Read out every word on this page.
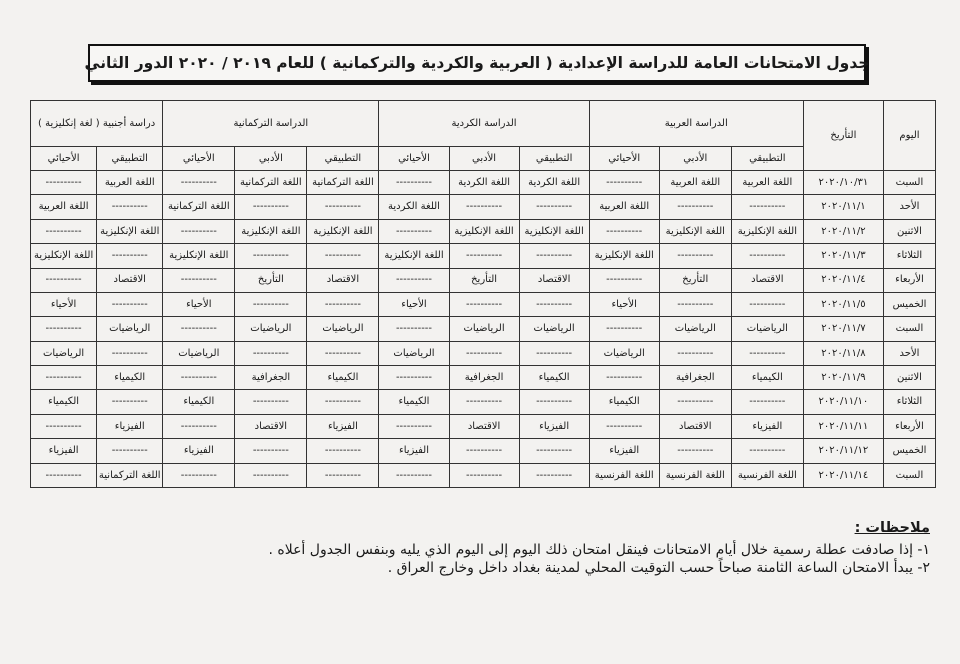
جدول الامتحانات العامة للدراسة الإعدادية ( العربية والكردية والتركمانية ) للعام ٢٠١٩ / ٢٠٢٠ الدور الثاني
اليوم	التأريخ	الدراسة العربية			الدراسة الكردية			الدراسة التركمانية			دراسة أجنبية ( لغة إنكليزية )	
		التطبيقي	الأدبي	الأحيائي	التطبيقي	الأدبي	الأحيائي	التطبيقي	الأدبي	الأحيائي	التطبيقي	الأحيائي
السبت	٢٠٢٠/١٠/٣١	اللغة العربية	اللغة العربية	----------	اللغة الكردية	اللغة الكردية	----------	اللغة التركمانية	اللغة التركمانية	----------	اللغة العربية	----------
الأحد	٢٠٢٠/١١/١	----------	----------	اللغة العربية	----------	----------	اللغة الكردية	----------	----------	اللغة التركمانية	----------	اللغة العربية
الاثنين	٢٠٢٠/١١/٢	اللغة الإنكليزية	اللغة الإنكليزية	----------	اللغة الإنكليزية	اللغة الإنكليزية	----------	اللغة الإنكليزية	اللغة الإنكليزية	----------	اللغة الإنكليزية	----------
الثلاثاء	٢٠٢٠/١١/٣	----------	----------	اللغة الإنكليزية	----------	----------	اللغة الإنكليزية	----------	----------	اللغة الإنكليزية	----------	اللغة الإنكليزية
الأربعاء	٢٠٢٠/١١/٤	الاقتصاد	التأريخ	----------	الاقتصاد	التأريخ	----------	الاقتصاد	التأريخ	----------	الاقتصاد	----------
الخميس	٢٠٢٠/١١/٥	----------	----------	الأحياء	----------	----------	الأحياء	----------	----------	الأحياء	----------	الأحياء
السبت	٢٠٢٠/١١/٧	الرياضيات	الرياضيات	----------	الرياضيات	الرياضيات	----------	الرياضيات	الرياضيات	----------	الرياضيات	----------
الأحد	٢٠٢٠/١١/٨	----------	----------	الرياضيات	----------	----------	الرياضيات	----------	----------	الرياضيات	----------	الرياضيات
الاثنين	٢٠٢٠/١١/٩	الكيمياء	الجغرافية	----------	الكيمياء	الجغرافية	----------	الكيمياء	الجغرافية	----------	الكيمياء	----------
الثلاثاء	٢٠٢٠/١١/١٠	----------	----------	الكيمياء	----------	----------	الكيمياء	----------	----------	الكيمياء	----------	الكيمياء
الأربعاء	٢٠٢٠/١١/١١	الفيزياء	الاقتصاد	----------	الفيزياء	الاقتصاد	----------	الفيزياء	الاقتصاد	----------	الفيزياء	----------
الخميس	٢٠٢٠/١١/١٢	----------	----------	الفيزياء	----------	----------	الفيزياء	----------	----------	الفيزياء	----------	الفيزياء
السبت	٢٠٢٠/١١/١٤	اللغة الفرنسية	اللغة الفرنسية	اللغة الفرنسية	----------	----------	----------	----------	----------	----------	اللغة التركمانية	----------
ملاحظات :
١- إذا صادفت عطلة رسمية خلال أيام الامتحانات فينقل امتحان ذلك اليوم إلى اليوم الذي يليه وبنفس الجدول أعلاه .
٢- يبدأ الامتحان الساعة الثامنة صباحاً حسب التوقيت المحلي لمدينة بغداد داخل وخارج العراق .
